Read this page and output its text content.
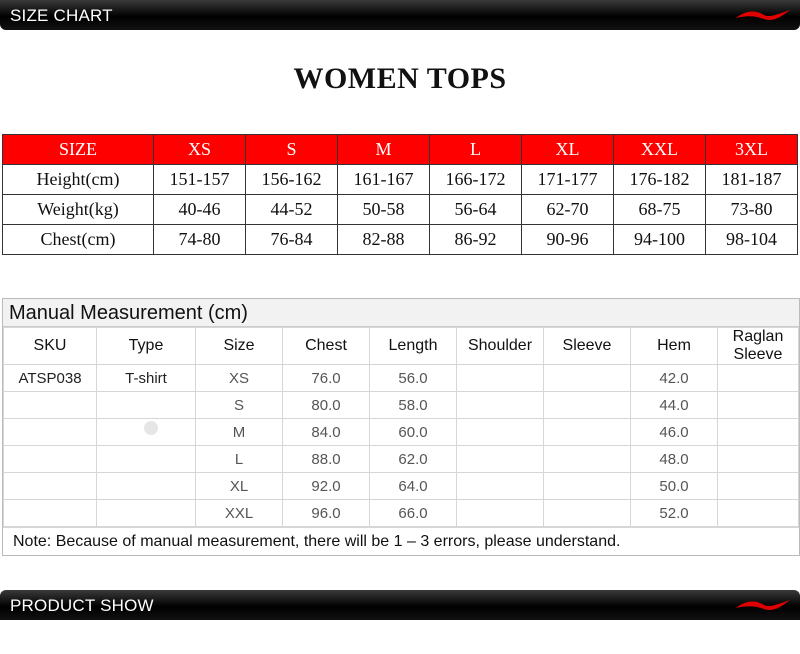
SIZE CHART
WOMEN TOPS
SIZE	XS	S	M	L	XL	XXL	3XL
Height(cm)	151-157	156-162	161-167	166-172	171-177	176-182	181-187
Weight(kg)	40-46	44-52	50-58	56-64	62-70	68-75	73-80
Chest(cm)	74-80	76-84	82-88	86-92	90-96	94-100	98-104
Manual Measurement (cm)
SKU	Type	Size	Chest	Length	Shoulder	Sleeve	Hem	Raglan Sleeve
ATSP038	T-shirt	XS	76.0	56.0			42.0	
		S	80.0	58.0			44.0	
		M	84.0	60.0			46.0	
		L	88.0	62.0			48.0	
		XL	92.0	64.0			50.0	
		XXL	96.0	66.0			52.0	
Note: Because of manual measurement, there will be 1 – 3 errors, please understand.
PRODUCT SHOW
